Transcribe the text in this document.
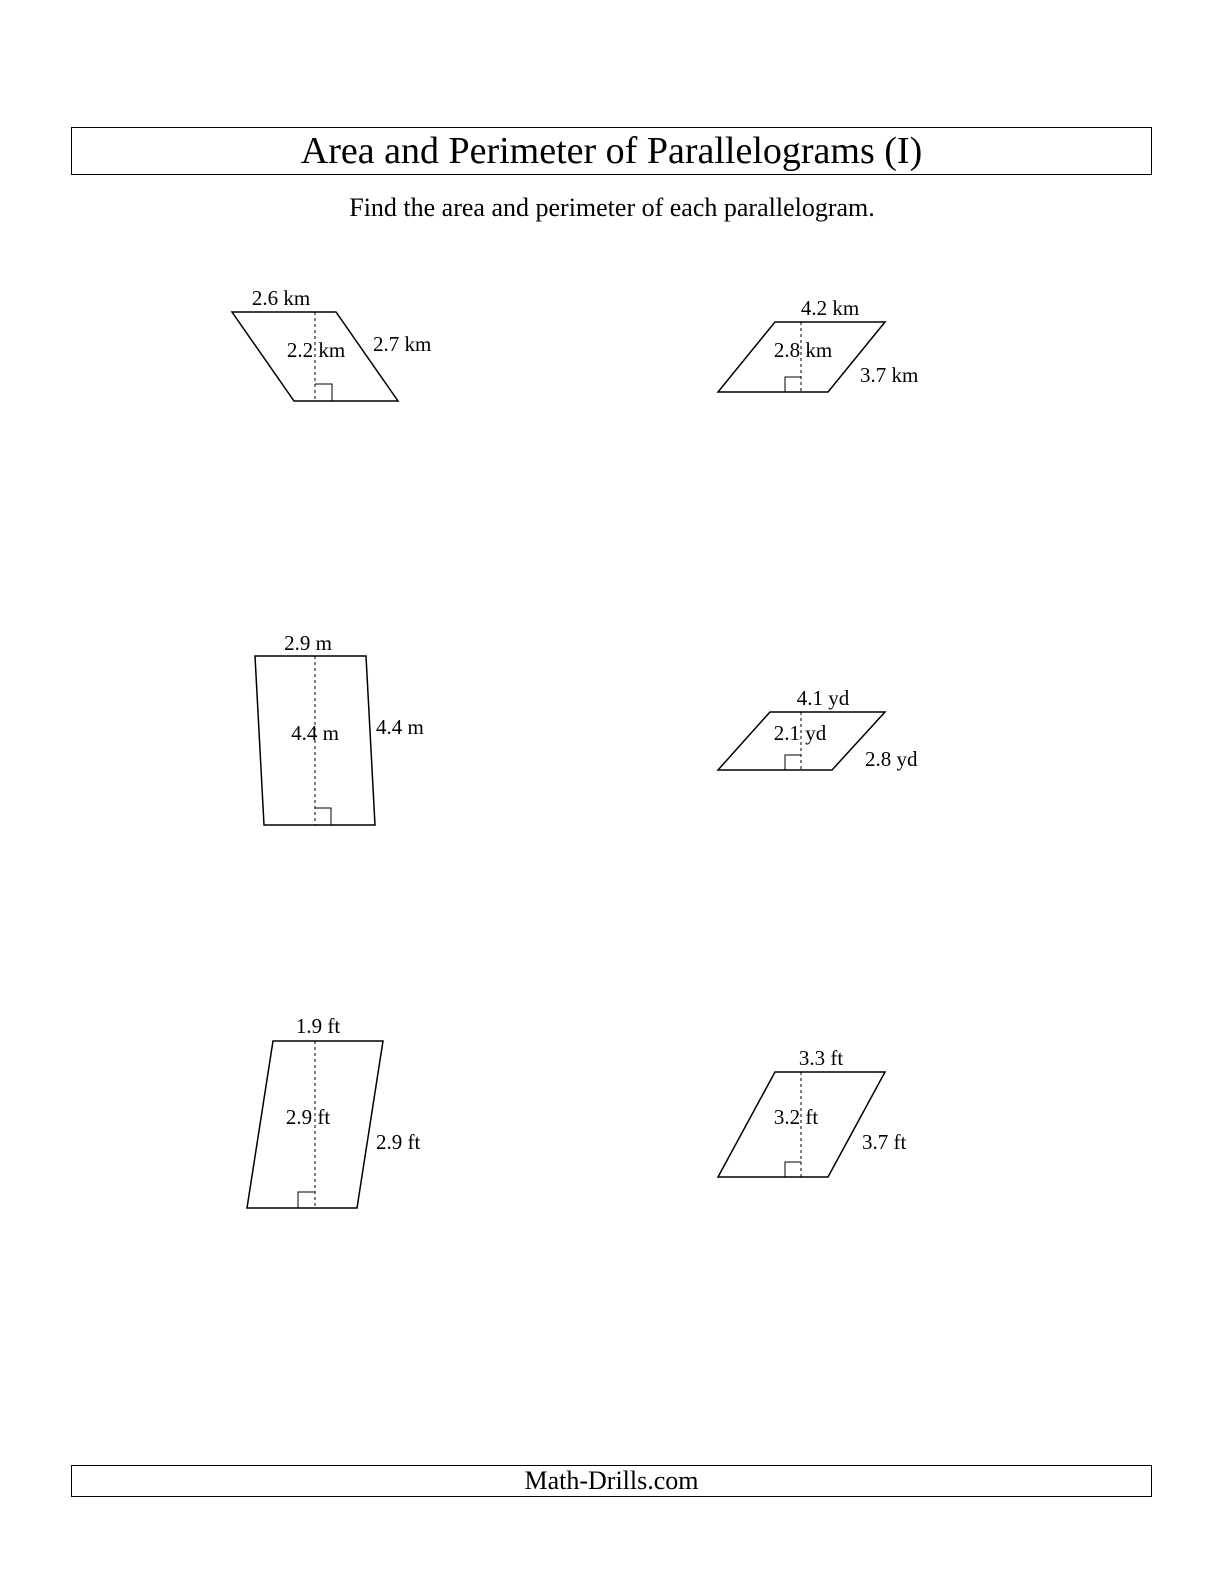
Area and Perimeter of Parallelograms (I)
Find the area and perimeter of each parallelogram.
2.6 km
2.2 km 2.7 km
4.2 km
2.8 km
3.7 km
2.9 m
4.4 m 4.4 m
4.1 yd
2.1 yd
2.8 yd
1.9 ft
2.9 ft
2.9 ft
3.3 ft
3.2 ft
3.7 ft
Math-Drills.com
